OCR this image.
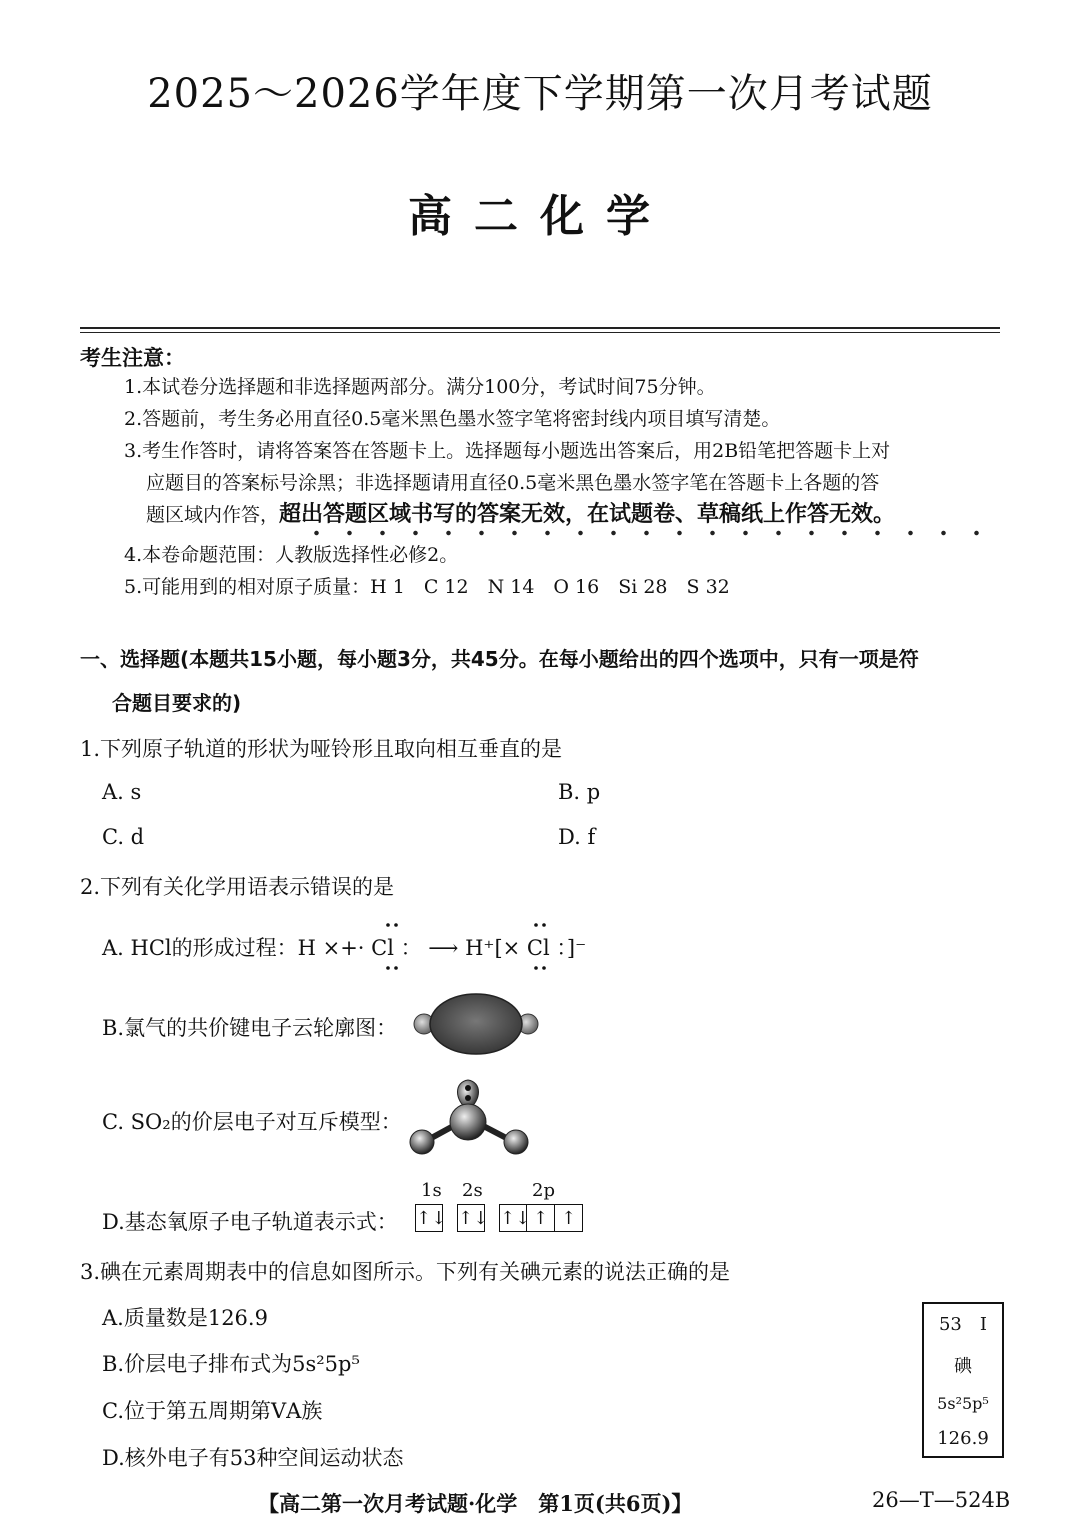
2025～2026学年度下学期第一次月考试题
高二化学
考生注意：
1.本试卷分选择题和非选择题两部分。满分100分，考试时间75分钟。
2.答题前，考生务必用直径0.5毫米黑色墨水签字笔将密封线内项目填写清楚。
3.考生作答时，请将答案答在答题卡上。选择题每小题选出答案后，用2B铅笔把答题卡上对
应题目的答案标号涂黑；非选择题请用直径0.5毫米黑色墨水签字笔在答题卡上各题的答
题区域内作答，超出答题区域书写的答案无效，在试题卷、草稿纸上作答无效。
4.本卷命题范围：人教版选择性必修2。
5.可能用到的相对原子质量：H 1　C 12　N 14　O 16　Si 28　S 32
一、选择题(本题共15小题，每小题3分，共45分。在每小题给出的四个选项中，只有一项是符
合题目要求的)
1.下列原子轨道的形状为哑铃形且取向相互垂直的是
A. s	B. p
C. d	D. f
2.下列有关化学用语表示错误的是
A. HCl的形成过程：H ×+· Cl ： ⟶ H⁺[× Cl ：]⁻
B.氯气的共价键电子云轮廓图：
C. SO₂的价层电子对互斥模型：
1s 2s	2p
D.基态氧原子电子轨道表示式： ↑↓ ↑↓ ↑↓ ↑ ↑
3.碘在元素周期表中的信息如图所示。下列有关碘元素的说法正确的是
A.质量数是126.9
B.价层电子排布式为5s²5p⁵
C.位于第五周期第ⅤA族
D.核外电子有53种空间运动状态
53　 I
碘
5s²5p⁵
126.9
【高二第一次月考试题·化学　第1页(共6页)】	26—T—524B
